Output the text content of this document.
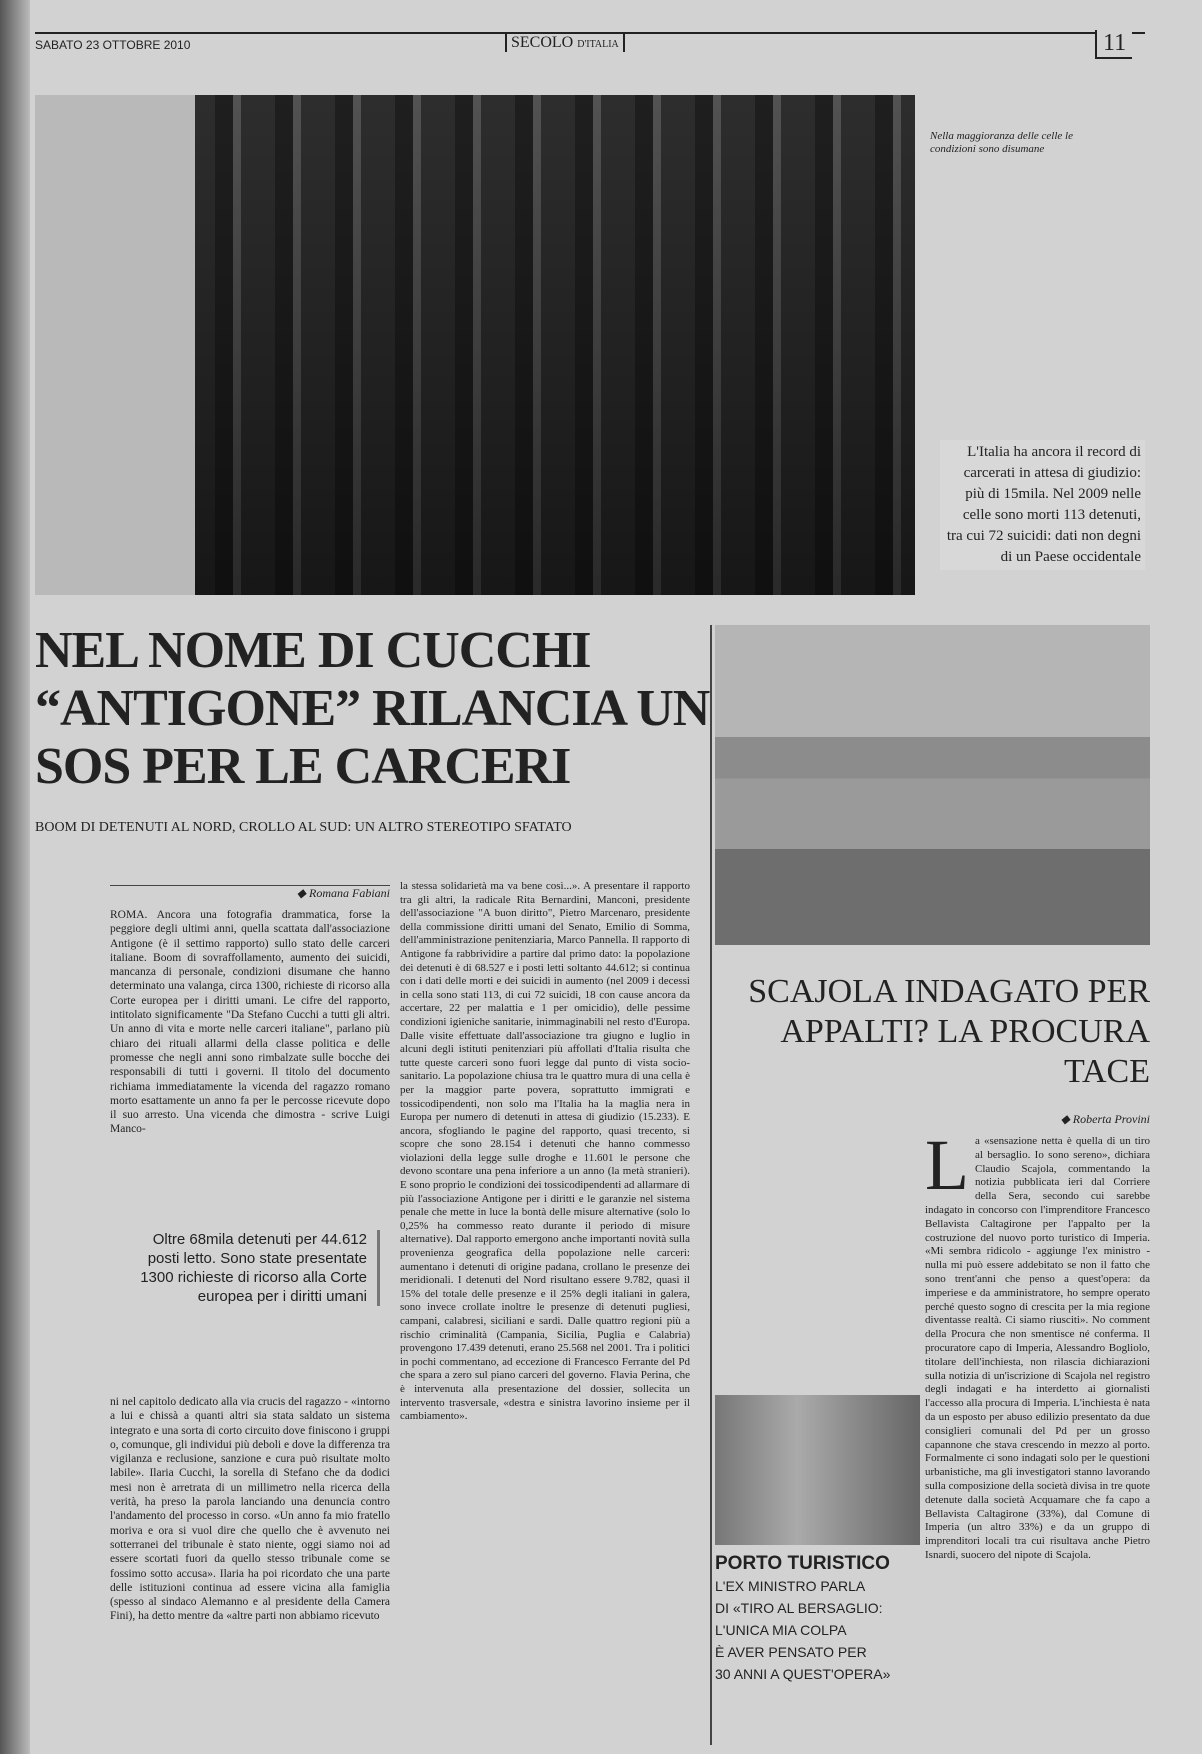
SABATO 23 OTTOBRE 2010	SECOLO D'ITALIA	11
Nella maggioranza delle celle le condizioni sono disumane
L'Italia ha ancora il record di carcerati in attesa di giudizio: più di 15mila. Nel 2009 nelle celle sono morti 113 detenuti, tra cui 72 suicidi: dati non degni di un Paese occidentale
NEL NOME DI CUCCHI “ANTIGONE” RILANCIA UN SOS PER LE CARCERI
BOOM DI DETENUTI AL NORD, CROLLO AL SUD: UN ALTRO STEREOTIPO SFATATO
◆ Romana Fabiani
ROMA. Ancora una fotografia drammatica, forse la peggiore degli ultimi anni, quella scattata dall'associazione Antigone (è il settimo rapporto) sullo stato delle carceri italiane. Boom di sovraffollamento, aumento dei suicidi, mancanza di personale, condizioni disumane che hanno determinato una valanga, circa 1300, richieste di ricorso alla Corte europea per i diritti umani. Le cifre del rapporto, intitolato significamente "Da Stefano Cucchi a tutti gli altri. Un anno di vita e morte nelle carceri italiane", parlano più chiaro dei rituali allarmi della classe politica e delle promesse che negli anni sono rimbalzate sulle bocche dei responsabili di tutti i governi. Il titolo del documento richiama immediatamente la vicenda del ragazzo romano morto esattamente un anno fa per le percosse ricevute dopo il suo arresto. Una vicenda che dimostra - scrive Luigi Manco-
Oltre 68mila detenuti per 44.612 posti letto. Sono state presentate 1300 richieste di ricorso alla Corte europea per i diritti umani
ni nel capitolo dedicato alla via crucis del ragazzo - «intorno a lui e chissà a quanti altri sia stata saldato un sistema integrato e una sorta di corto circuito dove finiscono i gruppi o, comunque, gli individui più deboli e dove la differenza tra vigilanza e reclusione, sanzione e cura può risultate molto labile». Ilaria Cucchi, la sorella di Stefano che da dodici mesi non è arretrata di un millimetro nella ricerca della verità, ha preso la parola lanciando una denuncia contro l'andamento del processo in corso. «Un anno fa mio fratello moriva e ora si vuol dire che quello che è avvenuto nei sotterranei del tribunale è stato niente, oggi siamo noi ad essere scortati fuori da quello stesso tribunale come se fossimo sotto accusa». Ilaria ha poi ricordato che una parte delle istituzioni continua ad essere vicina alla famiglia (spesso al sindaco Alemanno e al presidente della Camera Fini), ha detto mentre da «altre parti non abbiamo ricevuto
la stessa solidarietà ma va bene così...». A presentare il rapporto tra gli altri, la radicale Rita Bernardini, Manconi, presidente dell'associazione "A buon diritto", Pietro Marcenaro, presidente della commissione diritti umani del Senato, Emilio di Somma, dell'amministrazione penitenziaria, Marco Pannella. Il rapporto di Antigone fa rabbrividire a partire dal primo dato: la popolazione dei detenuti è di 68.527 e i posti letti soltanto 44.612; si continua con i dati delle morti e dei suicidi in aumento (nel 2009 i decessi in cella sono stati 113, di cui 72 suicidi, 18 con cause ancora da accertare, 22 per malattia e 1 per omicidio), delle pessime condizioni igieniche sanitarie, inimmaginabili nel resto d'Europa. Dalle visite effettuate dall'associazione tra giugno e luglio in alcuni degli istituti penitenziari più affollati d'Italia risulta che tutte queste carceri sono fuori legge dal punto di vista socio-sanitario. La popolazione chiusa tra le quattro mura di una cella è per la maggior parte povera, soprattutto immigrati e tossicodipendenti, non solo ma l'Italia ha la maglia nera in Europa per numero di detenuti in attesa di giudizio (15.233). E ancora, sfogliando le pagine del rapporto, quasi trecento, si scopre che sono 28.154 i detenuti che hanno commesso violazioni della legge sulle droghe e 11.601 le persone che devono scontare una pena inferiore a un anno (la metà stranieri). E sono proprio le condizioni dei tossicodipendenti ad allarmare di più l'associazione Antigone per i diritti e le garanzie nel sistema penale che mette in luce la bontà delle misure alternative (solo lo 0,25% ha commesso reato durante il periodo di misure alternative). Dal rapporto emergono anche importanti novità sulla provenienza geografica della popolazione nelle carceri: aumentano i detenuti di origine padana, crollano le presenze dei meridionali. I detenuti del Nord risultano essere 9.782, quasi il 15% del totale delle presenze e il 25% degli italiani in galera, sono invece crollate inoltre le presenze di detenuti pugliesi, campani, calabresi, siciliani e sardi. Dalle quattro regioni più a rischio criminalità (Campania, Sicilia, Puglia e Calabria) provengono 17.439 detenuti, erano 25.568 nel 2001. Tra i politici in pochi commentano, ad eccezione di Francesco Ferrante del Pd che spara a zero sul piano carceri del governo. Flavia Perina, che è intervenuta alla presentazione del dossier, sollecita un intervento trasversale, «destra e sinistra lavorino insieme per il cambiamento».
SCAJOLA INDAGATO PER APPALTI? LA PROCURA TACE
◆ Roberta Provini
La «sensazione netta è quella di un tiro al bersaglio. Io sono sereno», dichiara Claudio Scajola, commentando la notizia pubblicata ieri dal Corriere della Sera, secondo cui sarebbe indagato in concorso con l'imprenditore Francesco Bellavista Caltagirone per l'appalto per la costruzione del nuovo porto turistico di Imperia. «Mi sembra ridicolo - aggiunge l'ex ministro - nulla mi può essere addebitato se non il fatto che sono trent'anni che penso a quest'opera: da imperiese e da amministratore, ho sempre operato perché questo sogno di crescita per la mia regione diventasse realtà. Ci siamo riusciti». No comment della Procura che non smentisce né conferma. Il procuratore capo di Imperia, Alessandro Bogliolo, titolare dell'inchiesta, non rilascia dichiarazioni sulla notizia di un'iscrizione di Scajola nel registro degli indagati e ha interdetto ai giornalisti l'accesso alla procura di Imperia. L'inchiesta è nata da un esposto per abuso edilizio presentato da due consiglieri comunali del Pd per un grosso capannone che stava crescendo in mezzo al porto. Formalmente ci sono indagati solo per le questioni urbanistiche, ma gli investigatori stanno lavorando sulla composizione della società divisa in tre quote detenute dalla società Acquamare che fa capo a Bellavista Caltagirone (33%), dal Comune di Imperia (un altro 33%) e da un gruppo di imprenditori locali tra cui risultava anche Pietro Isnardi, suocero del nipote di Scajola.
PORTO TURISTICO
L'EX MINISTRO PARLA
DI «TIRO AL BERSAGLIO:
L'UNICA MIA COLPA
È AVER PENSATO PER
30 ANNI A QUEST'OPERA»
